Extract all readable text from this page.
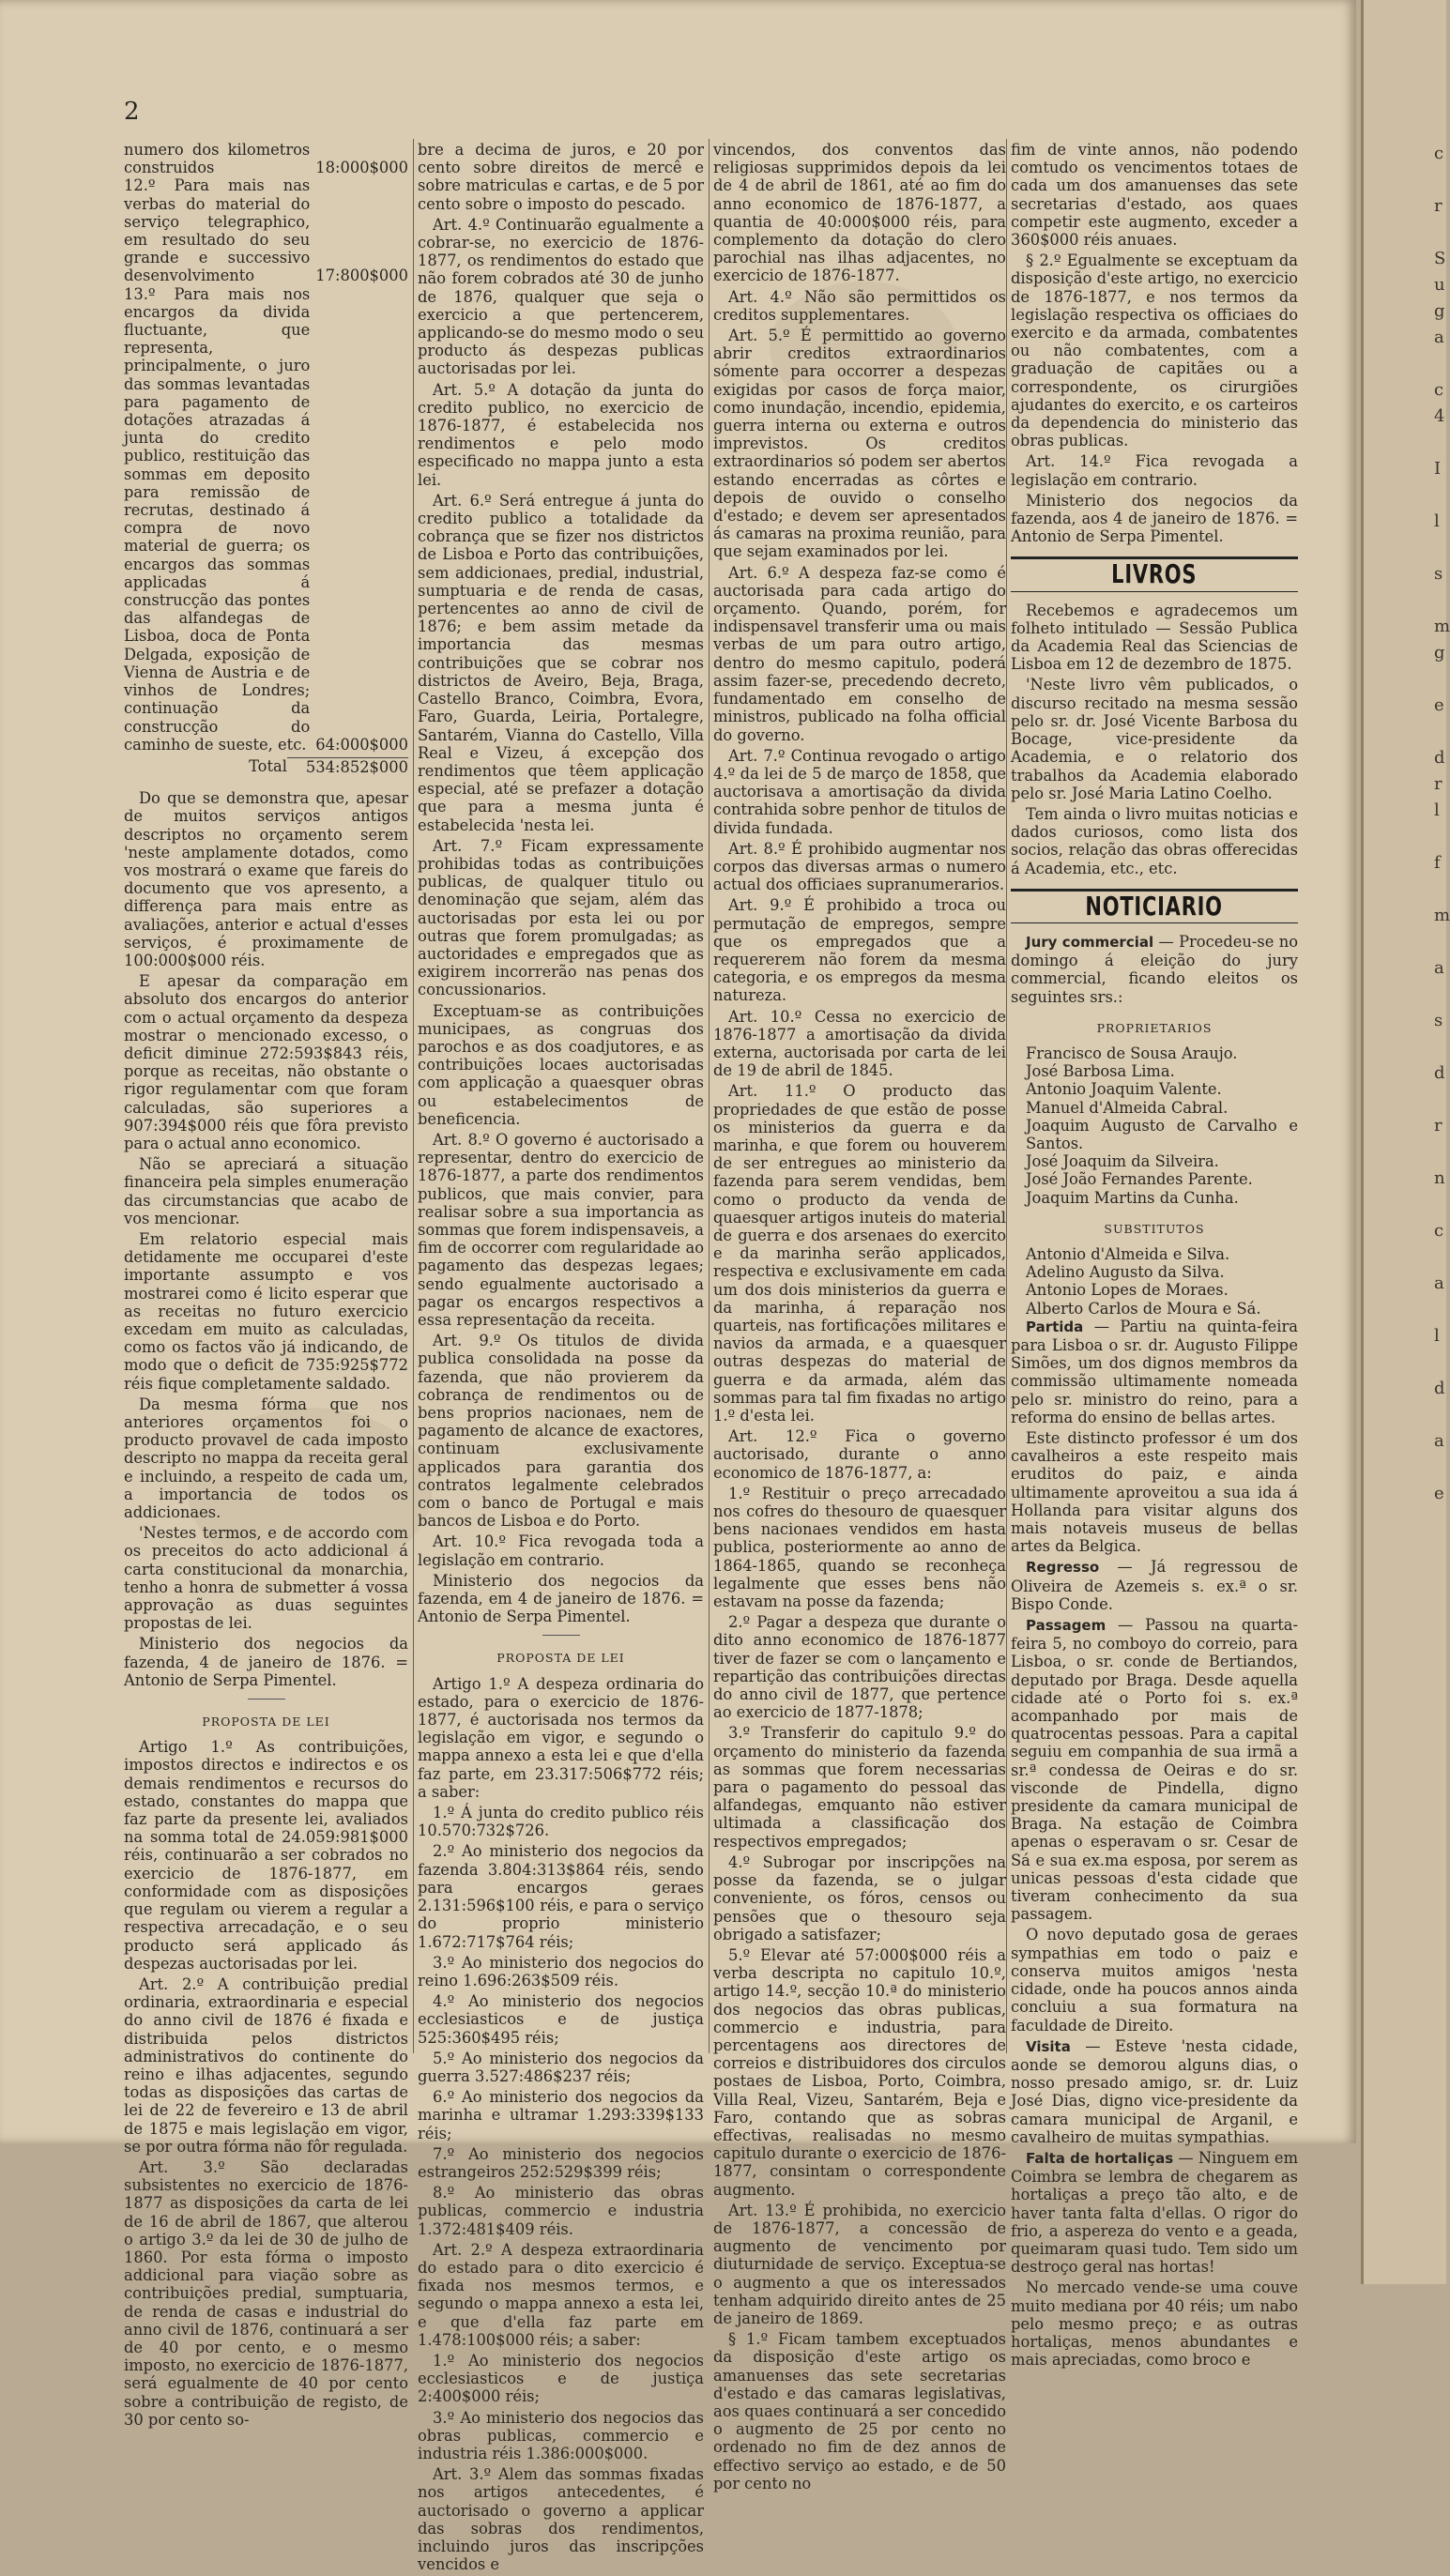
2
numero dos kilometros construidos	18:000$000
12.º Para mais nas verbas do material do serviço telegraphico, em resultado do seu grande e successivo desenvolvimento	17:800$000
13.º Para mais nos encargos da divida fluctuante, que representa, principalmente, o juro das sommas levantadas para pagamento de dotações atrazadas á junta do credito publico, restituição das sommas em deposito para remissão de recrutas, destinado á compra de novo material de guerra; os encargos das sommas applicadas á construcção das pontes das alfandegas de Lisboa, doca de Ponta Delgada, exposição de Vienna de Austria e de vinhos de Londres; continuação da construcção do caminho de sueste, etc. 64:000$000
Total	534:852$000

Do que se demonstra que, apesar de muitos serviços antigos descriptos no orçamento serem 'neste amplamente dotados, como vos mostrará o exame que fareis do documento que vos apresento, a differença para mais entre as avaliações, anterior e actual d'esses serviços, é proximamente de 100:000$000 réis.

E apesar da comparação em absoluto dos encargos do anterior com o actual orçamento da despeza mostrar o mencionado excesso, o deficit diminue 272:593$843 réis, porque as receitas, não obstante o rigor regulamentar com que foram calculadas, são superiores a 907:394$000 réis que fôra previsto para o actual anno economico.

Não se apreciará a situação financeira pela simples enumeração das circumstancias que acabo de vos mencionar.

Em relatorio especial mais detidamente me occuparei d'este importante assumpto e vos mostrarei como é licito esperar que as receitas no futuro exercicio excedam em muito as calculadas, como os factos vão já indicando, de modo que o deficit de 735:925$772 réis fique completamente saldado.

Da mesma fórma que nos anteriores orçamentos foi o producto provavel de cada imposto descripto no mappa da receita geral e incluindo, a respeito de cada um, a importancia de todos os addicionaes.

'Nestes termos, e de accordo com os preceitos do acto addicional á carta constitucional da monarchia, tenho a honra de submetter á vossa approvação as duas seguintes propostas de lei.

Ministerio dos negocios da fazenda, 4 de janeiro de 1876. = Antonio de Serpa Pimentel.

PROPOSTA DE LEI

Artigo 1.º As contribuições, impostos directos e indirectos e os demais rendimentos e recursos do estado, constantes do mappa que faz parte da presente lei, avaliados na somma total de 24.059:981$000 réis, continuarão a ser cobrados no exercicio de 1876-1877, em conformidade com as disposições que regulam ou vierem a regular a respectiva arrecadação, e o seu producto será applicado ás despezas auctorisadas por lei.

Art. 2.º A contribuição predial ordinaria, extraordinaria e especial do anno civil de 1876 é fixada e distribuida pelos districtos administrativos do continente do reino e ilhas adjacentes, segundo todas as disposições das cartas de lei de 22 de fevereiro e 13 de abril de 1875 e mais legislação em vigor, se por outra fórma não fôr regulada.

Art. 3.º São declaradas subsistentes no exercicio de 1876-1877 as disposições da carta de lei de 16 de abril de 1867, que alterou o artigo 3.º da lei de 30 de julho de 1860. Por esta fórma o imposto addicional para viação sobre as contribuições predial, sumptuaria, de renda de casas e industrial do anno civil de 1876, continuará a ser de 40 por cento, e o mesmo imposto, no exercicio de 1876-1877, será egualmente de 40 por cento sobre a contribuição de registo, de 30 por cento so-

bre a decima de juros, e 20 por cento sobre direitos de mercê e sobre matriculas e cartas, e de 5 por cento sobre o imposto do pescado.

Art. 4.º Continuarão egualmente a cobrar-se, no exercicio de 1876-1877, os rendimentos do estado que não forem cobrados até 30 de junho de 1876, qualquer que seja o exercicio a que pertencerem, applicando-se do mesmo modo o seu producto ás despezas publicas auctorisadas por lei.

Art. 5.º A dotação da junta do credito publico, no exercicio de 1876-1877, é estabelecida nos rendimentos e pelo modo especificado no mappa junto a esta lei.

Art. 6.º Será entregue á junta do credito publico a totalidade da cobrança que se fizer nos districtos de Lisboa e Porto das contribuições, sem addicionaes, predial, industrial, sumptuaria e de renda de casas, pertencentes ao anno de civil de 1876; e bem assim metade da importancia das mesmas contribuições que se cobrar nos districtos de Aveiro, Beja, Braga, Castello Branco, Coimbra, Evora, Faro, Guarda, Leiria, Portalegre, Santarém, Vianna do Castello, Villa Real e Vizeu, á excepção dos rendimentos que têem applicação especial, até se prefazer a dotação que para a mesma junta é estabelecida 'nesta lei.

Art. 7.º Ficam expressamente prohibidas todas as contribuições publicas, de qualquer titulo ou denominação que sejam, além das auctorisadas por esta lei ou por outras que forem promulgadas; as auctoridades e empregados que as exigirem incorrerão nas penas dos concussionarios.

Exceptuam-se as contribuições municipaes, as congruas dos parochos e as dos coadjutores, e as contribuições locaes auctorisadas com applicação a quaesquer obras ou estabelecimentos de beneficencia.

Art. 8.º O governo é auctorisado a representar, dentro do exercicio de 1876-1877, a parte dos rendimentos publicos, que mais convier, para realisar sobre a sua importancia as sommas que forem indispensaveis, a fim de occorrer com regularidade ao pagamento das despezas legaes; sendo egualmente auctorisado a pagar os encargos respectivos a essa representação da receita.

Art. 9.º Os titulos de divida publica consolidada na posse da fazenda, que não provierem da cobrança de rendimentos ou de bens proprios nacionaes, nem de pagamento de alcance de exactores, continuam exclusivamente applicados para garantia dos contratos legalmente celebrados com o banco de Portugal e mais bancos de Lisboa e do Porto.

Art. 10.º Fica revogada toda a legislação em contrario.

Ministerio dos negocios da fazenda, em 4 de janeiro de 1876. = Antonio de Serpa Pimentel.

PROPOSTA DE LEI

Artigo 1.º A despeza ordinaria do estado, para o exercicio de 1876-1877, é auctorisada nos termos da legislação em vigor, e segundo o mappa annexo a esta lei e que d'ella faz parte, em 23.317:506$772 réis; a saber:

1.º Á junta do credito publico réis 10.570:732$726.

2.º Ao ministerio dos negocios da fazenda 3.804:313$864 réis, sendo para encargos geraes 2.131:596$100 réis, e para o serviço do proprio ministerio 1.672:717$764 réis;

3.º Ao ministerio dos negocios do reino 1.696:263$509 réis.

4.º Ao ministerio dos negocios ecclesiasticos e de justiça 525:360$495 réis;

5.º Ao ministerio dos negocios da guerra 3.527:486$237 réis;

6.º Ao ministerio dos negocios da marinha e ultramar 1.293:339$133 réis;

7.º Ao ministerio dos negocios estrangeiros 252:529$399 réis;

8.º Ao ministerio das obras publicas, commercio e industria 1.372:481$409 réis.

Art. 2.º A despeza extraordinaria do estado para o dito exercicio é fixada nos mesmos termos, e segundo o mappa annexo a esta lei, e que d'ella faz parte em 1.478:100$000 réis; a saber:

1.º Ao ministerio dos negocios ecclesiasticos e de justiça 2:400$000 réis;

3.º Ao ministerio dos negocios das obras publicas, commercio e industria réis 1.386:000$000.

Art. 3.º Alem das sommas fixadas nos artigos antecedentes, é auctorisado o governo a applicar das sobras dos rendimentos, incluindo juros das inscripções vencidos e

vincendos, dos conventos das religiosas supprimidos depois da lei de 4 de abril de 1861, até ao fim do anno economico de 1876-1877, a quantia de 40:000$000 réis, para complemento da dotação do clero parochial nas ilhas adjacentes, no exercicio de 1876-1877.

Art. 4.º Não são permittidos os creditos supplementares.

Art. 5.º É permittido ao governo abrir creditos extraordinarios sómente para occorrer a despezas exigidas por casos de força maior, como inundação, incendio, epidemia, guerra interna ou externa e outros imprevistos. Os creditos extraordinarios só podem ser abertos estando encerradas as côrtes e depois de ouvido o conselho d'estado; e devem ser apresentados ás camaras na proxima reunião, para que sejam examinados por lei.

Art. 6.º A despeza faz-se como é auctorisada para cada artigo do orçamento. Quando, porém, for indispensavel transferir uma ou mais verbas de um para outro artigo, dentro do mesmo capitulo, poderá assim fazer-se, precedendo decreto, fundamentado em conselho de ministros, publicado na folha official do governo.

Art. 7.º Continua revogado o artigo 4.º da lei de 5 de março de 1858, que auctorisava a amortisação da divida contrahida sobre penhor de titulos de divida fundada.

Art. 8.º É prohibido augmentar nos corpos das diversas armas o numero actual dos officiaes supranumerarios.

Art. 9.º É prohibido a troca ou permutação de empregos, sempre que os empregados que a requererem não forem da mesma categoria, e os empregos da mesma natureza.

Art. 10.º Cessa no exercicio de 1876-1877 a amortisação da divida externa, auctorisada por carta de lei de 19 de abril de 1845.

Art. 11.º O producto das propriedades de que estão de posse os ministerios da guerra e da marinha, e que forem ou houverem de ser entregues ao ministerio da fazenda para serem vendidas, bem como o producto da venda de quaesquer artigos inuteis do material de guerra e dos arsenaes do exercito e da marinha serão applicados, respectiva e exclusivamente em cada um dos dois ministerios da guerra e da marinha, á reparação nos quarteis, nas fortificações militares e navios da armada, e a quaesquer outras despezas do material de guerra e da armada, além das sommas para tal fim fixadas no artigo 1.º d'esta lei.

Art. 12.º Fica o governo auctorisado, durante o anno economico de 1876-1877, a:

1.º Restituir o preço arrecadado nos cofres do thesouro de quaesquer bens nacionaes vendidos em hasta publica, posteriormente ao anno de 1864-1865, quando se reconheça legalmente que esses bens não estavam na posse da fazenda;

2.º Pagar a despeza que durante o dito anno economico de 1876-1877 tiver de fazer se com o lançamento e repartição das contribuições directas do anno civil de 1877, que pertence ao exercicio de 1877-1878;

3.º Transferir do capitulo 9.º do orçamento do ministerio da fazenda as sommas que forem necessarias para o pagamento do pessoal das alfandegas, emquanto não estiver ultimada a classificação dos respectivos empregados;

4.º Subrogar por inscripções na posse da fazenda, se o julgar conveniente, os fóros, censos ou pensões que o thesouro seja obrigado a satisfazer;

5.º Elevar até 57:000$000 réis a verba descripta no capitulo 10.º, artigo 14.º, secção 10.ª do ministerio dos negocios das obras publicas, commercio e industria, para percentagens aos directores de correios e distribuidores dos circulos postaes de Lisboa, Porto, Coimbra, Villa Real, Vizeu, Santarém, Beja e Faro, contando que as sobras effectivas, realisadas no mesmo capitulo durante o exercicio de 1876-1877, consintam o correspondente augmento.

Art. 13.º É prohibida, no exercicio de 1876-1877, a concessão de augmento de vencimento por diuturnidade de serviço. Exceptua-se o augmento a que os interessados tenham adquirido direito antes de 25 de janeiro de 1869.

§ 1.º Ficam tambem exceptuados da disposição d'este artigo os amanuenses das sete secretarias d'estado e das camaras legislativas, aos quaes continuará a ser concedido o augmento de 25 por cento no ordenado no fim de dez annos de effectivo serviço ao estado, e de 50 por cento no

fim de vinte annos, não podendo comtudo os vencimentos totaes de cada um dos amanuenses das sete secretarias d'estado, aos quaes competir este augmento, exceder a 360$000 réis anuaes.

§ 2.º Egualmente se exceptuam da disposição d'este artigo, no exercicio de 1876-1877, e nos termos da legislação respectiva os officiaes do exercito e da armada, combatentes ou não combatentes, com a graduação de capitães ou a correspondente, os cirurgiões ajudantes do exercito, e os carteiros da dependencia do ministerio das obras publicas.

Art. 14.º Fica revogada a legislação em contrario.

Ministerio dos negocios da fazenda, aos 4 de janeiro de 1876. = Antonio de Serpa Pimentel.

LIVROS

Recebemos e agradecemos um folheto intitulado — Sessão Publica da Academia Real das Sciencias de Lisboa em 12 de dezembro de 1875.

'Neste livro vêm publicados, o discurso recitado na mesma sessão pelo sr. dr. José Vicente Barbosa du Bocage, vice-presidente da Academia, e o relatorio dos trabalhos da Academia elaborado pelo sr. José Maria Latino Coelho.

Tem ainda o livro muitas noticias e dados curiosos, como lista dos socios, relação das obras offerecidas á Academia, etc., etc.

NOTICIARIO

Jury commercial — Procedeu-se no domingo á eleição do jury commercial, ficando eleitos os seguintes srs.:

PROPRIETARIOS
Francisco de Sousa Araujo.
José Barbosa Lima.
Antonio Joaquim Valente.
Manuel d'Almeida Cabral.
Joaquim Augusto de Carvalho e Santos.
José Joaquim da Silveira.
José João Fernandes Parente.
Joaquim Martins da Cunha.
SUBSTITUTOS
Antonio d'Almeida e Silva.
Adelino Augusto da Silva.
Antonio Lopes de Moraes.
Alberto Carlos de Moura e Sá.

Partida — Partiu na quinta-feira para Lisboa o sr. dr. Augusto Filippe Simões, um dos dignos membros da commissão ultimamente nomeada pelo sr. ministro do reino, para a reforma do ensino de bellas artes.

Este distincto professor é um dos cavalheiros a este respeito mais eruditos do paiz, e ainda ultimamente aproveitou a sua ida á Hollanda para visitar alguns dos mais notaveis museus de bellas artes da Belgica.

Regresso — Já regressou de Oliveira de Azemeis s. ex.ª o sr. Bispo Conde.

Passagem — Passou na quarta-feira 5, no comboyo do correio, para Lisboa, o sr. conde de Bertiandos, deputado por Braga. Desde aquella cidade até o Porto foi s. ex.ª acompanhado por mais de quatrocentas pessoas. Para a capital seguiu em companhia de sua irmã a sr.ª condessa de Oeiras e do sr. visconde de Pindella, digno presidente da camara municipal de Braga. Na estação de Coimbra apenas o esperavam o sr. Cesar de Sá e sua ex.ma esposa, por serem as unicas pessoas d'esta cidade que tiveram conhecimento da sua passagem.

O novo deputado gosa de geraes sympathias em todo o paiz e conserva muitos amigos 'nesta cidade, onde ha poucos annos ainda concluiu a sua formatura na faculdade de Direito.

Visita — Esteve 'nesta cidade, aonde se demorou alguns dias, o nosso presado amigo, sr. dr. Luiz José Dias, digno vice-presidente da camara municipal de Arganil, e cavalheiro de muitas sympathias.

Falta de hortaliças — Ninguem em Coimbra se lembra de chegarem as hortaliças a preço tão alto, e de haver tanta falta d'ellas. O rigor do frio, a aspereza do vento e a geada, queimaram quasi tudo. Tem sido um destroço geral nas hortas!

No mercado vende-se uma couve muito mediana por 40 réis; um nabo pelo mesmo preço; e as outras hortaliças, menos abundantes e mais apreciadas, como broco e

c

r

S
u
g
a

c
4

I

l

s

m
g

e

d
r
l

f

m

a

s

d

r

n

c

a

l

d

a

e
